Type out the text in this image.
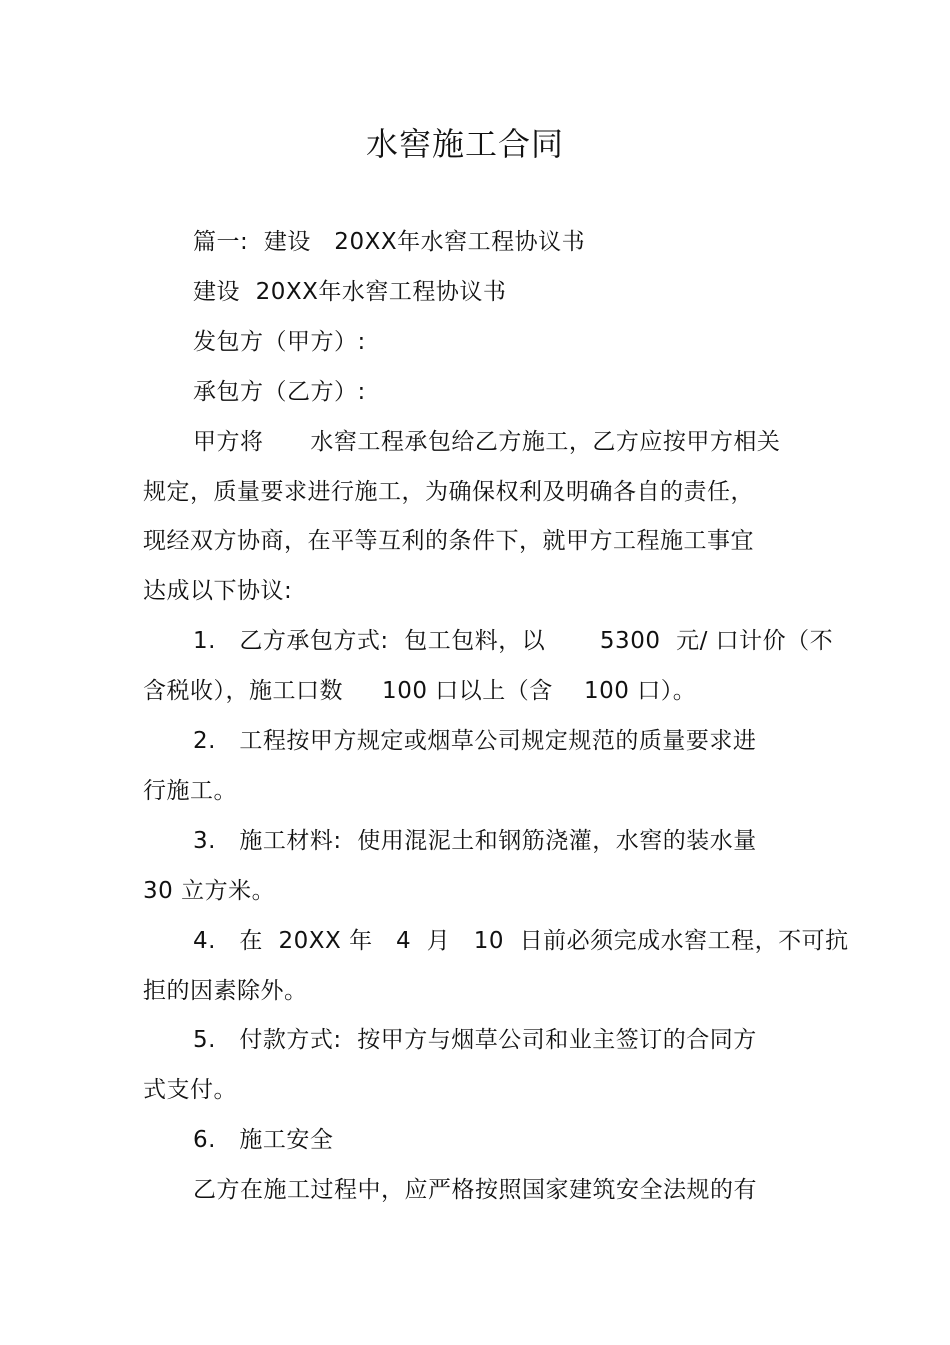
水窖施工合同
篇一:  建设   20XX年水窖工程协议书
建设  20XX年水窖工程协议书
发包方（甲方）:
承包方（乙方）:
甲方将      水窖工程承包给乙方施工，乙方应按甲方相关
规定，质量要求进行施工，为确保权利及明确各自的责任，
现经双方协商，在平等互利的条件下，就甲方工程施工事宜
达成以下协议:
1.   乙方承包方式:  包工包料，以       5300  元/ 口计价（不
含税收），施工口数     100 口以上（含    100 口）。
2.   工程按甲方规定或烟草公司规定规范的质量要求进
行施工。
3.   施工材料:  使用混泥土和钢筋浇灌，水窖的装水量
30 立方米。
4.   在  20XX 年   4  月   10  日前必须完成水窖工程，不可抗
拒的因素除外。
5.   付款方式:  按甲方与烟草公司和业主签订的合同方
式支付。
6.   施工安全
乙方在施工过程中，应严格按照国家建筑安全法规的有
